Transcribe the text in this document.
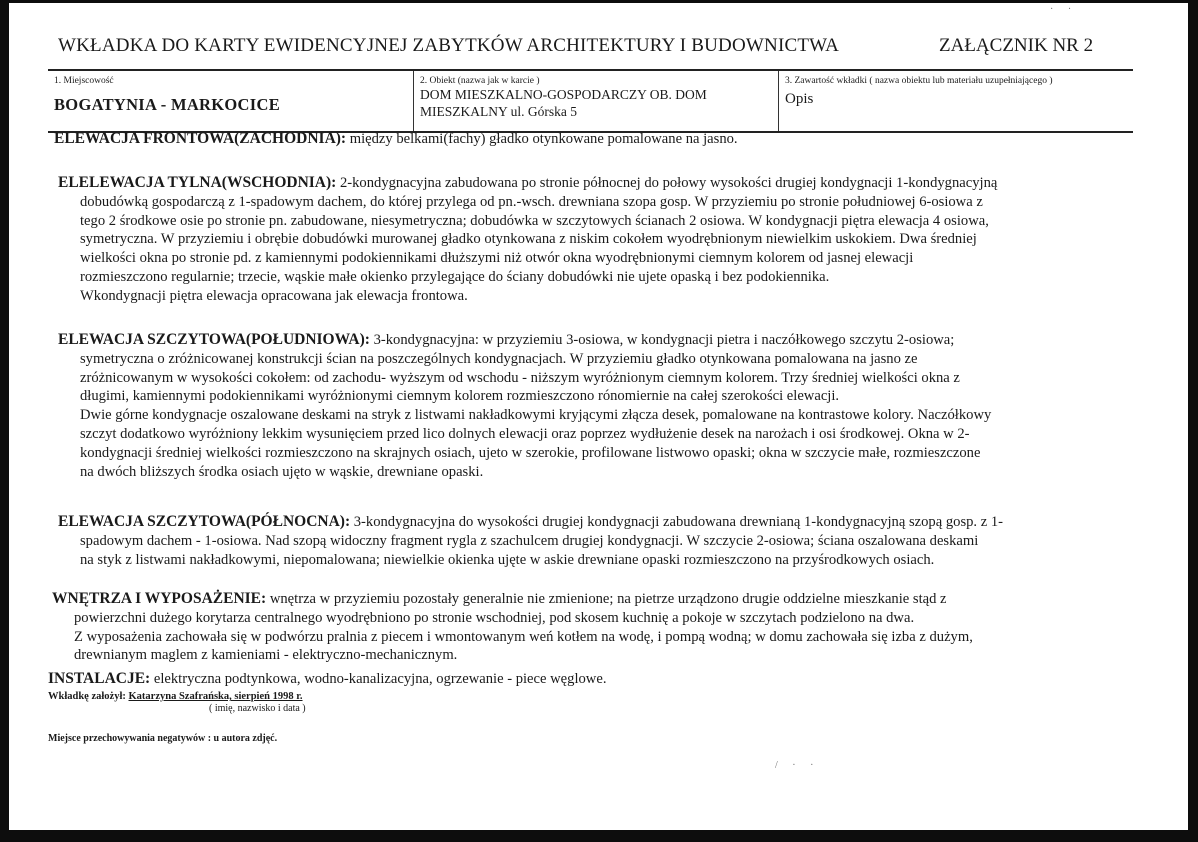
WKŁADKA DO KARTY EWIDENCYJNEJ ZABYTKÓW ARCHITEKTURY I BUDOWNICTWA	ZAŁĄCZNIK NR 2
1. Miejscowość
BOGATYNIA - MARKOCICE
2. Obiekt (nazwa jak w karcie )
DOM MIESZKALNO-GOSPODARCZY OB. DOM
MIESZKALNY ul. Górska 5
3. Zawartość wkładki ( nazwa obiektu lub materiału uzupełniającego )
Opis
ELEWACJA FRONTOWA(ZACHODNIA): między belkami(fachy) gładko otynkowane pomalowane na jasno.
ELELEWACJA TYLNA(WSCHODNIA): 2-kondygnacyjna zabudowana po stronie północnej do połowy wysokości drugiej kondygnacji 1-kondygnacyjną
dobudówką gospodarczą z 1-spadowym dachem, do której przylega od pn.-wsch. drewniana szopa gosp. W przyziemiu po stronie południowej 6-osiowa z
tego 2 środkowe osie po stronie pn. zabudowane, niesymetryczna; dobudówka w szczytowych ścianach 2 osiowa. W kondygnacji piętra elewacja 4 osiowa,
symetryczna. W przyziemiu i obrębie dobudówki murowanej gładko otynkowana z niskim cokołem wyodrębnionym niewielkim uskokiem. Dwa średniej
wielkości okna po stronie pd. z kamiennymi podokiennikami dłuższymi niż otwór okna wyodrębnionymi ciemnym kolorem od jasnej elewacji
rozmieszczono regularnie; trzecie, wąskie małe okienko przylegające do ściany dobudówki nie ujete opaską i bez podokiennika.
Wkondygnacji piętra elewacja opracowana jak elewacja frontowa.
ELEWACJA SZCZYTOWA(POŁUDNIOWA): 3-kondygnacyjna: w przyziemiu 3-osiowa, w kondygnacji pietra i naczółkowego szczytu 2-osiowa;
symetryczna o zróżnicowanej konstrukcji ścian na poszczególnych kondygnacjach. W przyziemiu gładko otynkowana pomalowana na jasno ze
zróżnicowanym w wysokości cokołem: od zachodu- wyższym od wschodu - niższym wyróżnionym ciemnym kolorem. Trzy średniej wielkości okna z
długimi, kamiennymi podokiennikami wyróżnionymi ciemnym kolorem rozmieszczono rónomiernie na całej szerokości elewacji.
Dwie górne kondygnacje oszalowane deskami na stryk z listwami nakładkowymi kryjącymi złącza desek, pomalowane na kontrastowe kolory. Naczółkowy
szczyt dodatkowo wyróżniony lekkim wysunięciem przed lico dolnych elewacji oraz poprzez wydłużenie desek na narożach i osi środkowej. Okna w 2-
kondygnacji średniej wielkości rozmieszczono na skrajnych osiach, ujeto w szerokie, profilowane listwowo opaski; okna w szczycie małe, rozmieszczone
na dwóch bliższych środka osiach ujęto w wąskie, drewniane opaski.
ELEWACJA SZCZYTOWA(PÓŁNOCNA): 3-kondygnacyjna do wysokości drugiej kondygnacji zabudowana drewnianą 1-kondygnacyjną szopą gosp. z 1-
spadowym dachem - 1-osiowa. Nad szopą widoczny fragment rygla z szachulcem drugiej kondygnacji. W szczycie 2-osiowa; ściana oszalowana deskami
na styk z listwami nakładkowymi, niepomalowana; niewielkie okienka ujęte w askie drewniane opaski rozmieszczono na przyśrodkowych osiach.
WNĘTRZA I WYPOSAŻENIE: wnętrza w przyziemiu pozostały generalnie nie zmienione; na pietrze urządzono drugie oddzielne mieszkanie stąd z
powierzchni dużego korytarza centralnego wyodrębniono po stronie wschodniej, pod skosem kuchnię a pokoje w szczytach podzielono na dwa.
Z wyposażenia zachowała się w podwórzu pralnia z piecem i wmontowanym weń kotłem na wodę, i pompą wodną; w domu zachowała się izba z dużym,
drewnianym maglem z kamieniami - elektryczno-mechanicznym.
INSTALACJE: elektryczna podtynkowa, wodno-kanalizacyjna, ogrzewanie - piece węglowe.
Wkładkę założył: Katarzyna Szafrańska, sierpień 1998 r.
( imię, nazwisko i data )
Miejsce przechowywania negatywów : u autora zdjęć.
· ·
/ · ·
